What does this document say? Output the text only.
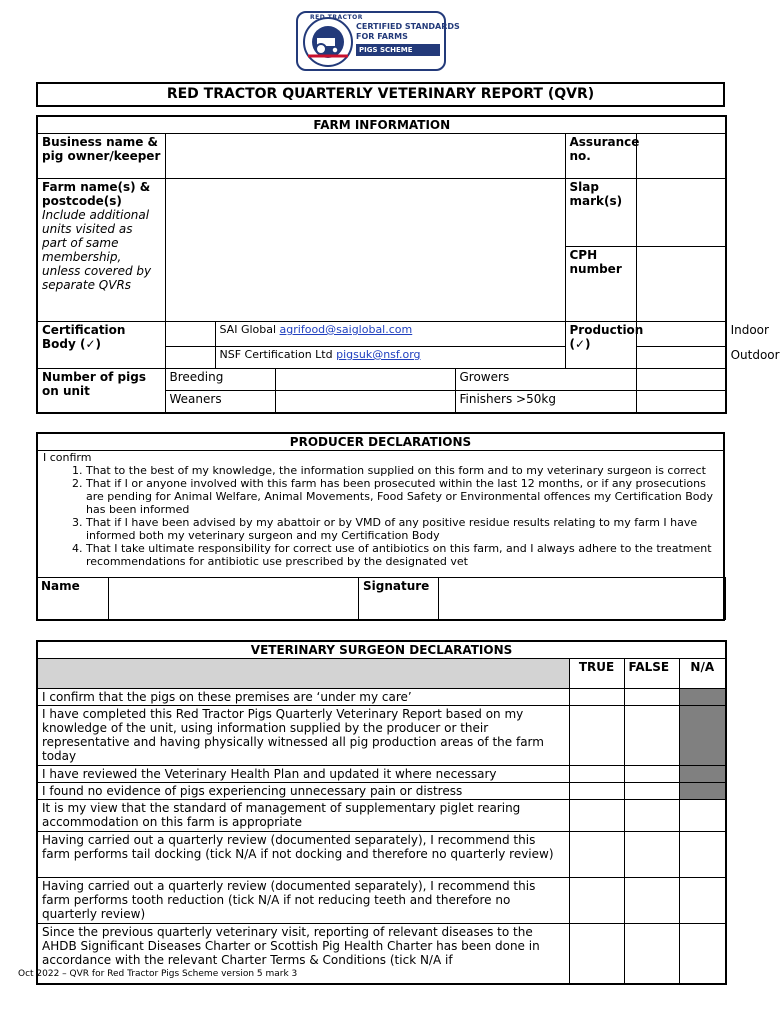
RED TRACTOR
CERTIFIED STANDARDS
FOR FARMS
PIGS SCHEME
RED TRACTOR QUARTERLY VETERINARY REPORT (QVR)
FARM INFORMATION							
Business name & pig owner/keeper					Assurance no.		

Farm name(s) & postcode(s)
Include additional units visited as part of same membership, unless covered by separate QVRs					Slap mark(s)		
					CPH number		
Certification Body (✓)		SAI Global agrifood@saiglobal.com			Production (✓)		Indoor
		NSF Certification Ltd pigsuk@nsf.org					Outdoor
Number of pigs on unit	Breeding			Growers			
	Weaners			Finishers >50kg			
PRODUCER DECLARATIONS
I confirm
1. That to the best of my knowledge, the information supplied on this form and to my veterinary surgeon is correct
2. That if I or anyone involved with this farm has been prosecuted within the last 12 months, or if any prosecutions are pending for Animal Welfare, Animal Movements, Food Safety or Environmental offences my Certification Body has been informed
3. That if I have been advised by my abattoir or by VMD of any positive residue results relating to my farm I have informed both my veterinary surgeon and my Certification Body
4. That I take ultimate responsibility for correct use of antibiotics on this farm, and I always adhere to the treatment recommendations for antibiotic use prescribed by the designated vet
Name		Signature	
VETERINARY SURGEON DECLARATIONS			
	TRUE	FALSE	N/A
I confirm that the pigs on these premises are ‘under my care’			
I have completed this Red Tractor Pigs Quarterly Veterinary Report based on my knowledge of the unit, using information supplied by the producer or their representative and having physically witnessed all pig production areas of the farm today			
I have reviewed the Veterinary Health Plan and updated it where necessary			
I found no evidence of pigs experiencing unnecessary pain or distress			
It is my view that the standard of management of supplementary piglet rearing accommodation on this farm is appropriate			
Having carried out a quarterly review (documented separately), I recommend this farm performs tail docking (tick N/A if not docking and therefore no quarterly review)			
Having carried out a quarterly review (documented separately), I recommend this farm performs tooth reduction (tick N/A if not reducing teeth and therefore no quarterly review)			
Since the previous quarterly veterinary visit, reporting of relevant diseases to the AHDB Significant Diseases Charter or Scottish Pig Health Charter has been done in accordance with the relevant Charter Terms & Conditions (tick N/A if			
Oct 2022 – QVR for Red Tractor Pigs Scheme version 5 mark 3
